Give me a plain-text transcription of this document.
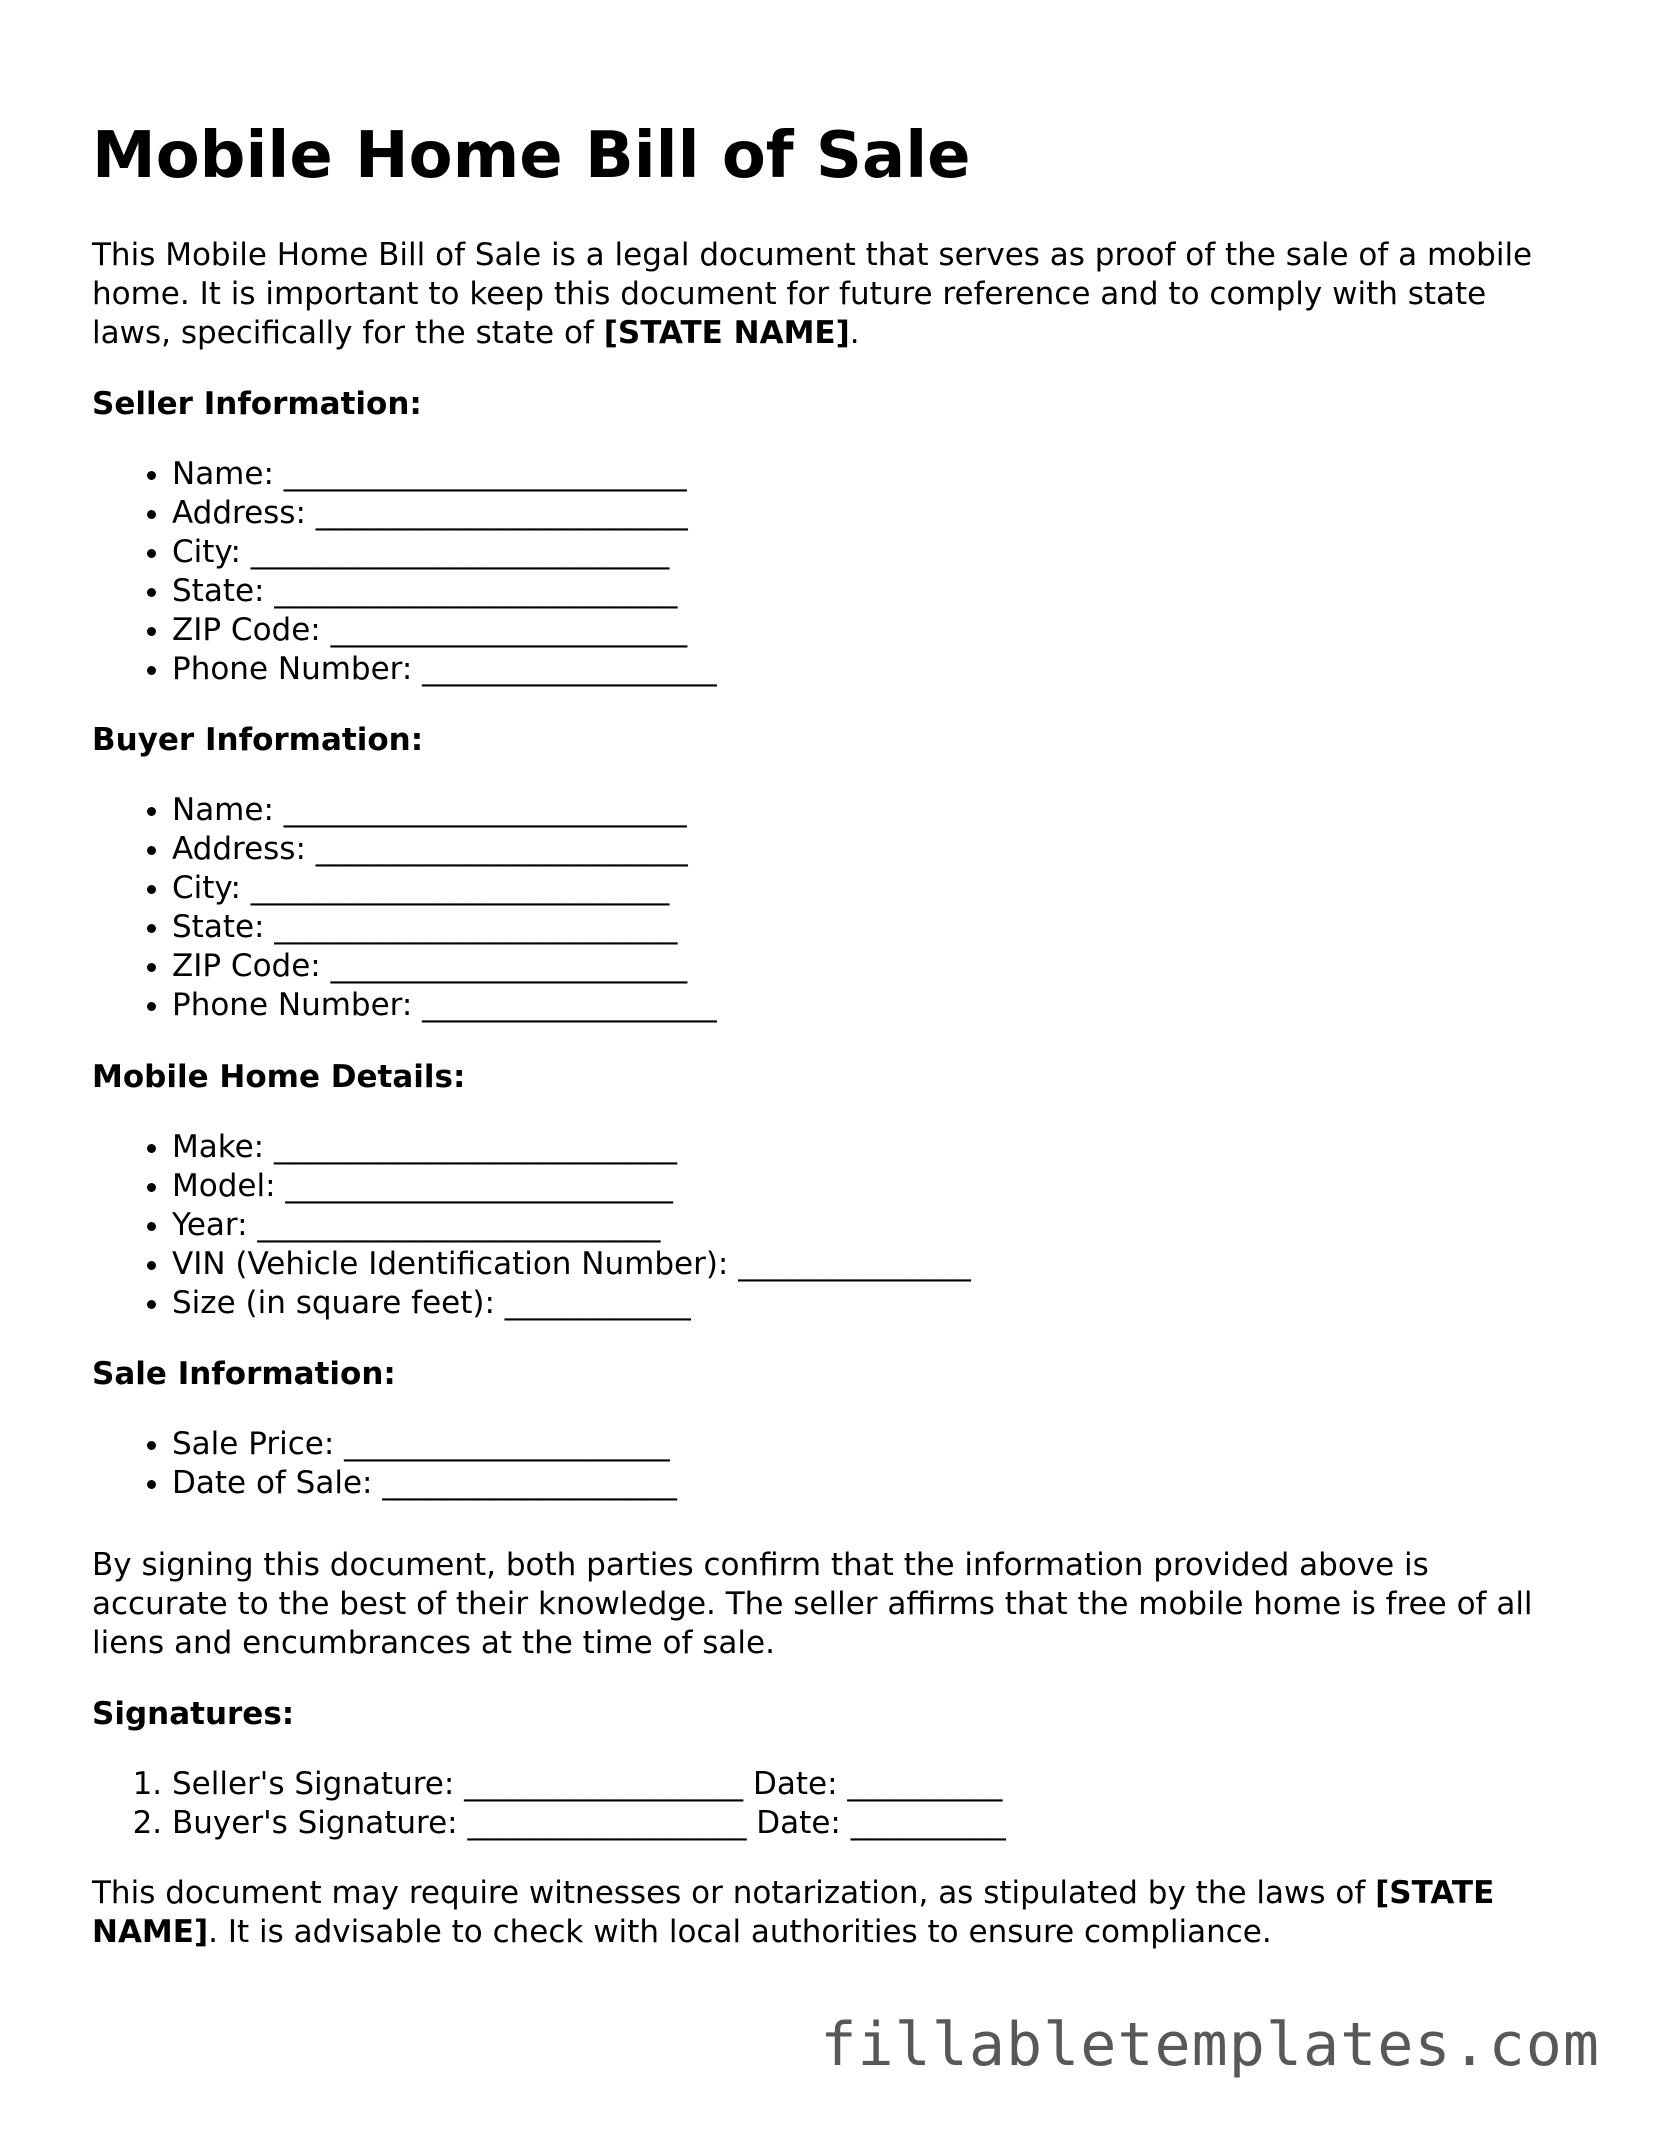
Mobile Home Bill of Sale

This Mobile Home Bill of Sale is a legal document that serves as proof of the sale of a mobile home. It is important to keep this document for future reference and to comply with state laws, specifically for the state of [STATE NAME].

Seller Information:
• Name: __________________________
• Address: ________________________
• City: ___________________________
• State: __________________________
• ZIP Code: _______________________
• Phone Number: ___________________
Buyer Information:
• Name: __________________________
• Address: ________________________
• City: ___________________________
• State: __________________________
• ZIP Code: _______________________
• Phone Number: ___________________
Mobile Home Details:
• Make: __________________________
• Model: _________________________
• Year: __________________________
• VIN (Vehicle Identification Number): _______________
• Size (in square feet): ____________
Sale Information:
• Sale Price: _____________________
• Date of Sale: ___________________

By signing this document, both parties confirm that the information provided above is accurate to the best of their knowledge. The seller affirms that the mobile home is free of all liens and encumbrances at the time of sale.

Signatures:
1. Seller's Signature: __________________ Date: __________
2. Buyer's Signature: __________________ Date: __________

This document may require witnesses or notarization, as stipulated by the laws of [STATE NAME]. It is advisable to check with local authorities to ensure compliance.

fillabletemplates.com
